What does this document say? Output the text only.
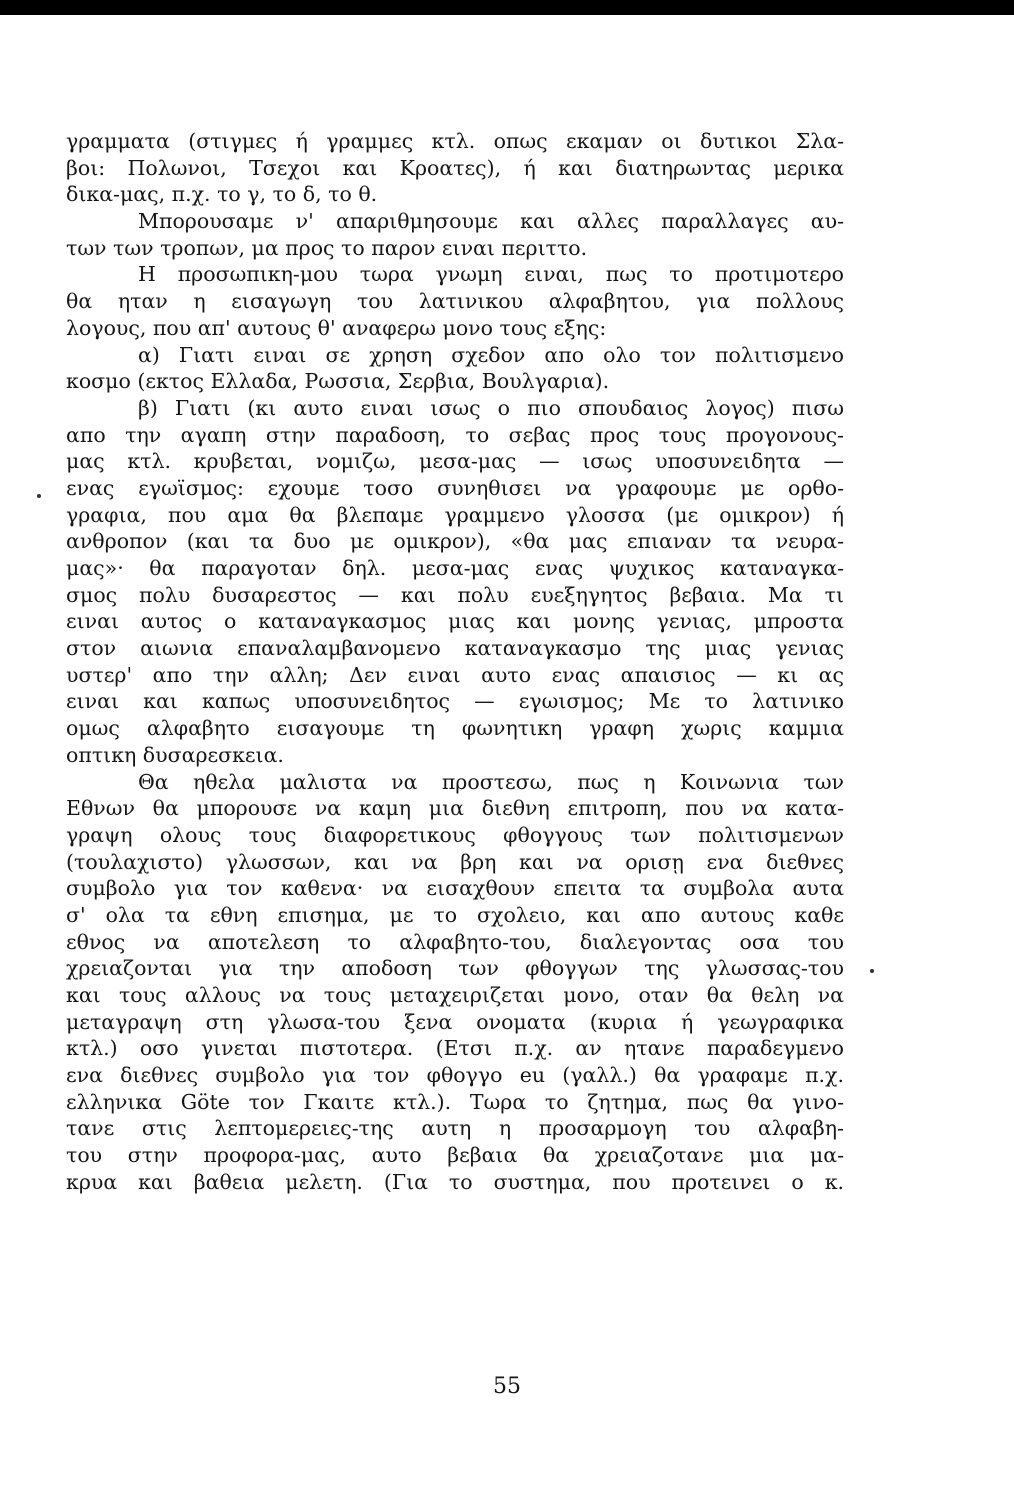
γραμματα (στιγμες ή γραμμες κτλ. οπως εκαμαν οι δυτικοι Σλα-
βοι: Πολωνοι, Τσεχοι και Κροατες), ή και διατηρωντας μερικα
δικα-μας, π.χ. το γ, το δ, το θ.
Μπορουσαμε ν' απαριθμησουμε και αλλες παραλλαγες αυ-
των των τροπων, μα προς το παρον ειναι περιττο.
Η προσωπικη-μου τωρα γνωμη ειναι, πως το προτιμοτερο
θα ηταν η εισαγωγη του λατινικου αλφαβητου, για πολλους
λογους, που απ' αυτους θ' αναφερω μονο τους εξης:
α) Γιατι ειναι σε χρηση σχεδον απο ολο τον πολιτισμενο
κοσμο (εκτος Ελλαδα, Ρωσσια, Σερβια, Βουλγαρια).
β) Γιατι (κι αυτο ειναι ισως ο πιο σπουδαιος λογος) πισω
απο την αγαπη στην παραδοση, το σεβας προς τους προγονους-
μας κτλ. κρυβεται, νομιζω, μεσα-μας — ισως υποσυνειδητα —
ενας εγωϊσμος: εχουμε τοσο συνηθισει να γραφουμε με ορθο-
γραφια, που αμα θα βλεπαμε γραμμενο γλοσσα (με ομικρον) ή
ανθροπον (και τα δυο με ομικρον), «θα μας επιαναν τα νευρα-
μας»· θα παραγοταν δηλ. μεσα-μας ενας ψυχικος καταναγκα-
σμος πολυ δυσαρεστος — και πολυ ευεξηγητος βεβαια. Μα τι
ειναι αυτος ο καταναγκασμος μιας και μονης γενιας, μπροστα
στον αιωνια επαναλαμβανομενο καταναγκασμο της μιας γενιας
υστερ' απο την αλλη; Δεν ειναι αυτο ενας απαισιος — κι ας
ειναι και καπως υποσυνειδητος — εγωισμος; Με το λατινικο
ομως αλφαβητο εισαγουμε τη φωνητικη γραφη χωρις καμμια
οπτικη δυσαρεσκεια.
Θα ηθελα μαλιστα να προστεσω, πως η Κοινωνια των
Εθνων θα μπορουσε να καμη μια διεθνη επιτροπη, που να κατα-
γραψη ολους τους διαφορετικους φθογγους των πολιτισμενων
(τουλαχιστο) γλωσσων, και να βρη και να ορισῃ ενα διεθνες
συμβολο για τον καθενα· να εισαχθουν επειτα τα συμβολα αυτα
σ' ολα τα εθνη επισημα, με το σχολειο, και απο αυτους καθε
εθνος να αποτελεση το αλφαβητο-του, διαλεγοντας οσα του
χρειαζονται για την αποδοση των φθογγων της γλωσσας-του
και τους αλλους να τους μεταχειριζεται μονο, οταν θα θελη να
μεταγραψη στη γλωσα-του ξενα ονοματα (κυρια ή γεωγραφικα
κτλ.) οσο γινεται πιστοτερα. (Ετσι π.χ. αν ητανε παραδεγμενο
ενα διεθνες συμβολο για τον φθογγο eu (γαλλ.) θα γραφαμε π.χ.
ελληνικα Göte τον Γκαιτε κτλ.). Τωρα το ζητημα, πως θα γινο-
τανε στις λεπτομερειες-της αυτη η προσαρμογη του αλφαβη-
του στην προφορα-μας, αυτο βεβαια θα χρειαζοτανε μια μα-
κρυα και βαθεια μελετη. (Για το συστημα, που προτεινει ο κ.
55
